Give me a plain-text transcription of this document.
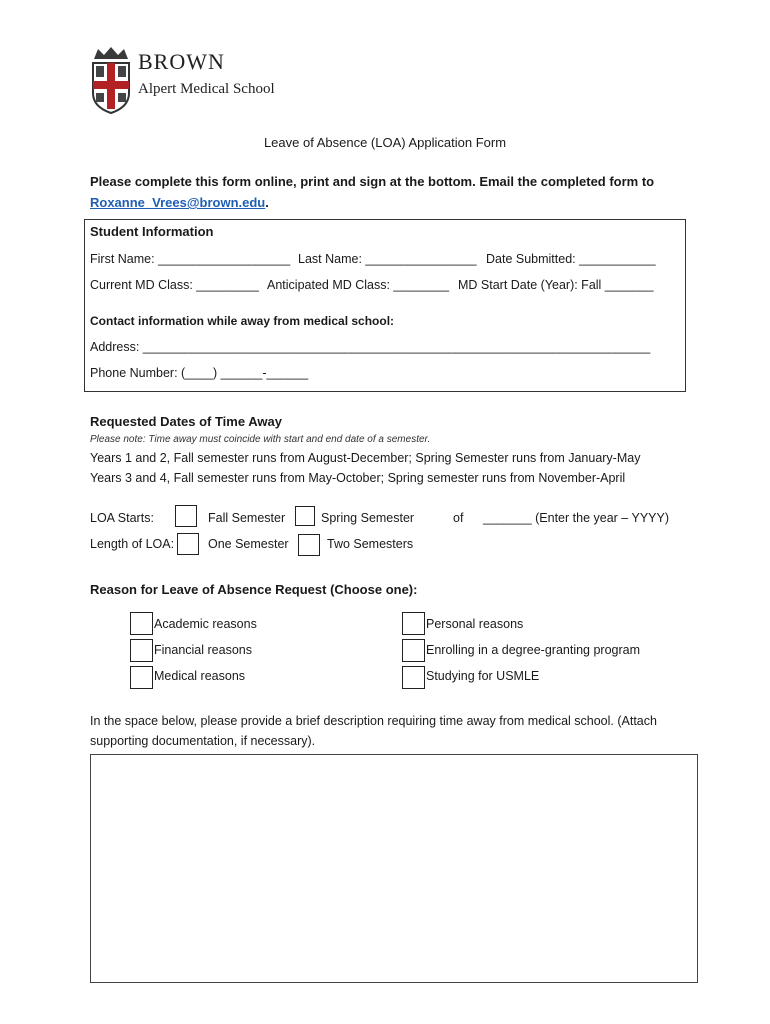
BROWN
Alpert Medical School
Leave of Absence (LOA) Application Form
Please complete this form online, print and sign at the bottom. Email the completed form to
Roxanne_Vrees@brown.edu.
Student Information
First Name: ___________________ Last Name: ________________ Date Submitted: ___________
Current MD Class: _________ Anticipated MD Class: ________ MD Start Date (Year): Fall _______
Contact information while away from medical school:
Address: _________________________________________________________________________
Phone Number: (____) ______-______
Requested Dates of Time Away
Please note: Time away must coincide with start and end date of a semester.
Years 1 and 2, Fall semester runs from August-December; Spring Semester runs from January-May
Years 3 and 4, Fall semester runs from May-October; Spring semester runs from November-April
LOA Starts:	Fall Semester	Spring Semester	of _______ (Enter the year – YYYY)
Length of LOA:	One Semester	Two Semesters
Reason for Leave of Absence Request (Choose one):
Academic reasons
Financial reasons
Medical reasons
Personal reasons
Enrolling in a degree-granting program
Studying for USMLE
In the space below, please provide a brief description requiring time away from medical school. (Attach
supporting documentation, if necessary).
